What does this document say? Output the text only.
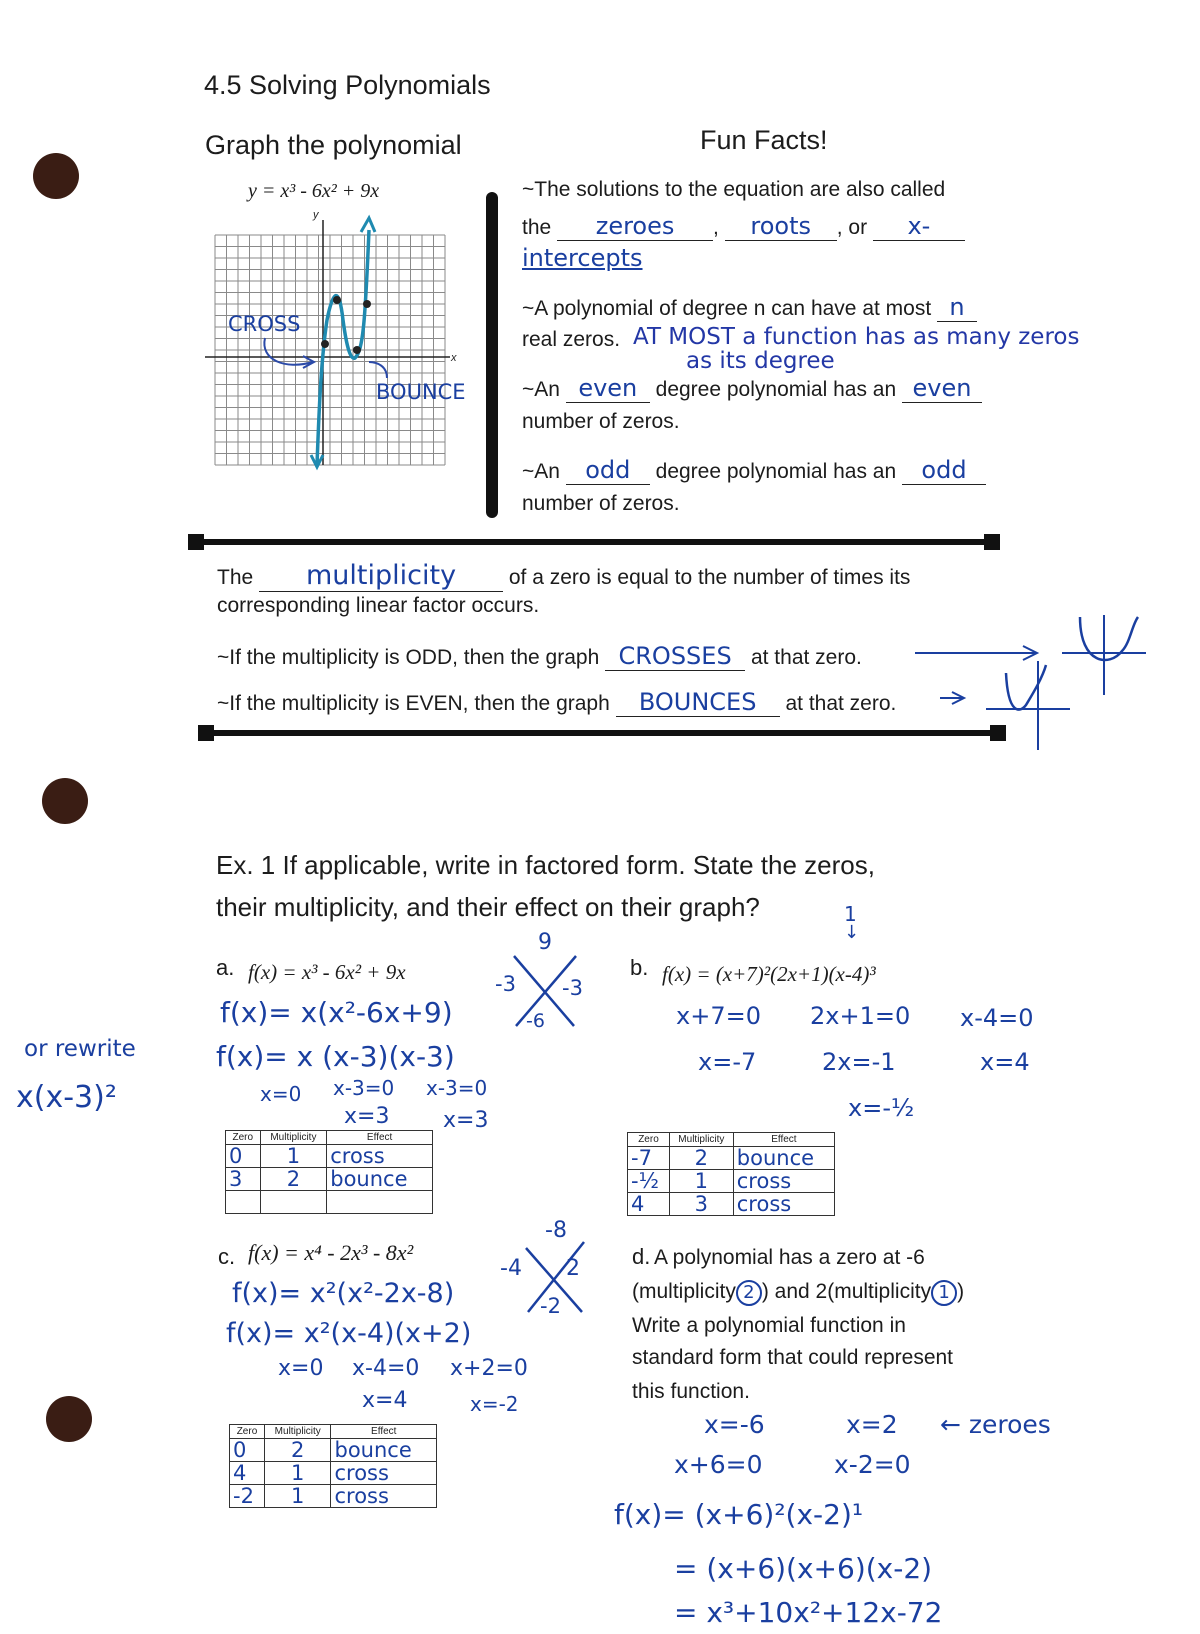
4.5 Solving Polynomials
Graph the polynomial
y = x³ - 6x² + 9x
x
y
CROSS
BOUNCE
Fun Facts!
~The solutions to the equation are also called
the zeroes , roots , or x-
intercepts
~A polynomial of degree n can have at most n
real zeros. AT MOST a function has as many zeros
as its degree
~An even degree polynomial has an even
number of zeros.
~An odd degree polynomial has an odd
number of zeros.
The multiplicity	of a zero is equal to the number of times its
corresponding linear factor occurs.
~If the multiplicity is ODD, then the graph CROSSES at that zero.
~If the multiplicity is EVEN, then the graph BOUNCES at that zero.
Ex. 1 If applicable, write in factored form. State the zeros,
their multiplicity, and their effect on their graph?
a. f(x) = x³ - 6x² + 9x
f(x)= x(x²-6x+9)
or rewrite	f(x)= x (x-3)(x-3)
x(x-3)²	x=0 x-3=0 x-3=0
x=3 x=3
9
-3 -3
-6
Zero	Multiplicity	Effect
0	1	cross
3	2	bounce

b. f(x) = (x+7)²(2x+1)(x-4)³
1
↓
x+7=0
x=-7
2x+1=0
2x=-1
x=-½
x-4=0
x=4
Zero	Multiplicity	Effect
-7	2	bounce
-½	1	cross
4	3	cross
c. f(x) = x⁴ - 2x³ - 8x²
f(x)= x²(x²-2x-8)
f(x)= x²(x-4)(x+2)
x=0 x-4=0 x+2=0
x=4	x=-2
-8
-4 2
-2
Zero	Multiplicity	Effect
0	2	bounce
4	1	cross
-2	1	cross
d. A polynomial has a zero at -6
(multiplicity 2 ) and 2(multiplicity 1 )
Write a polynomial function in
standard form that could represent
this function.
x=-6	x=2 ← zeroes
x+6=0	x-2=0
f(x)= (x+6)²(x-2)¹
= (x+6)(x+6)(x-2)
= x³+10x²+12x-72
